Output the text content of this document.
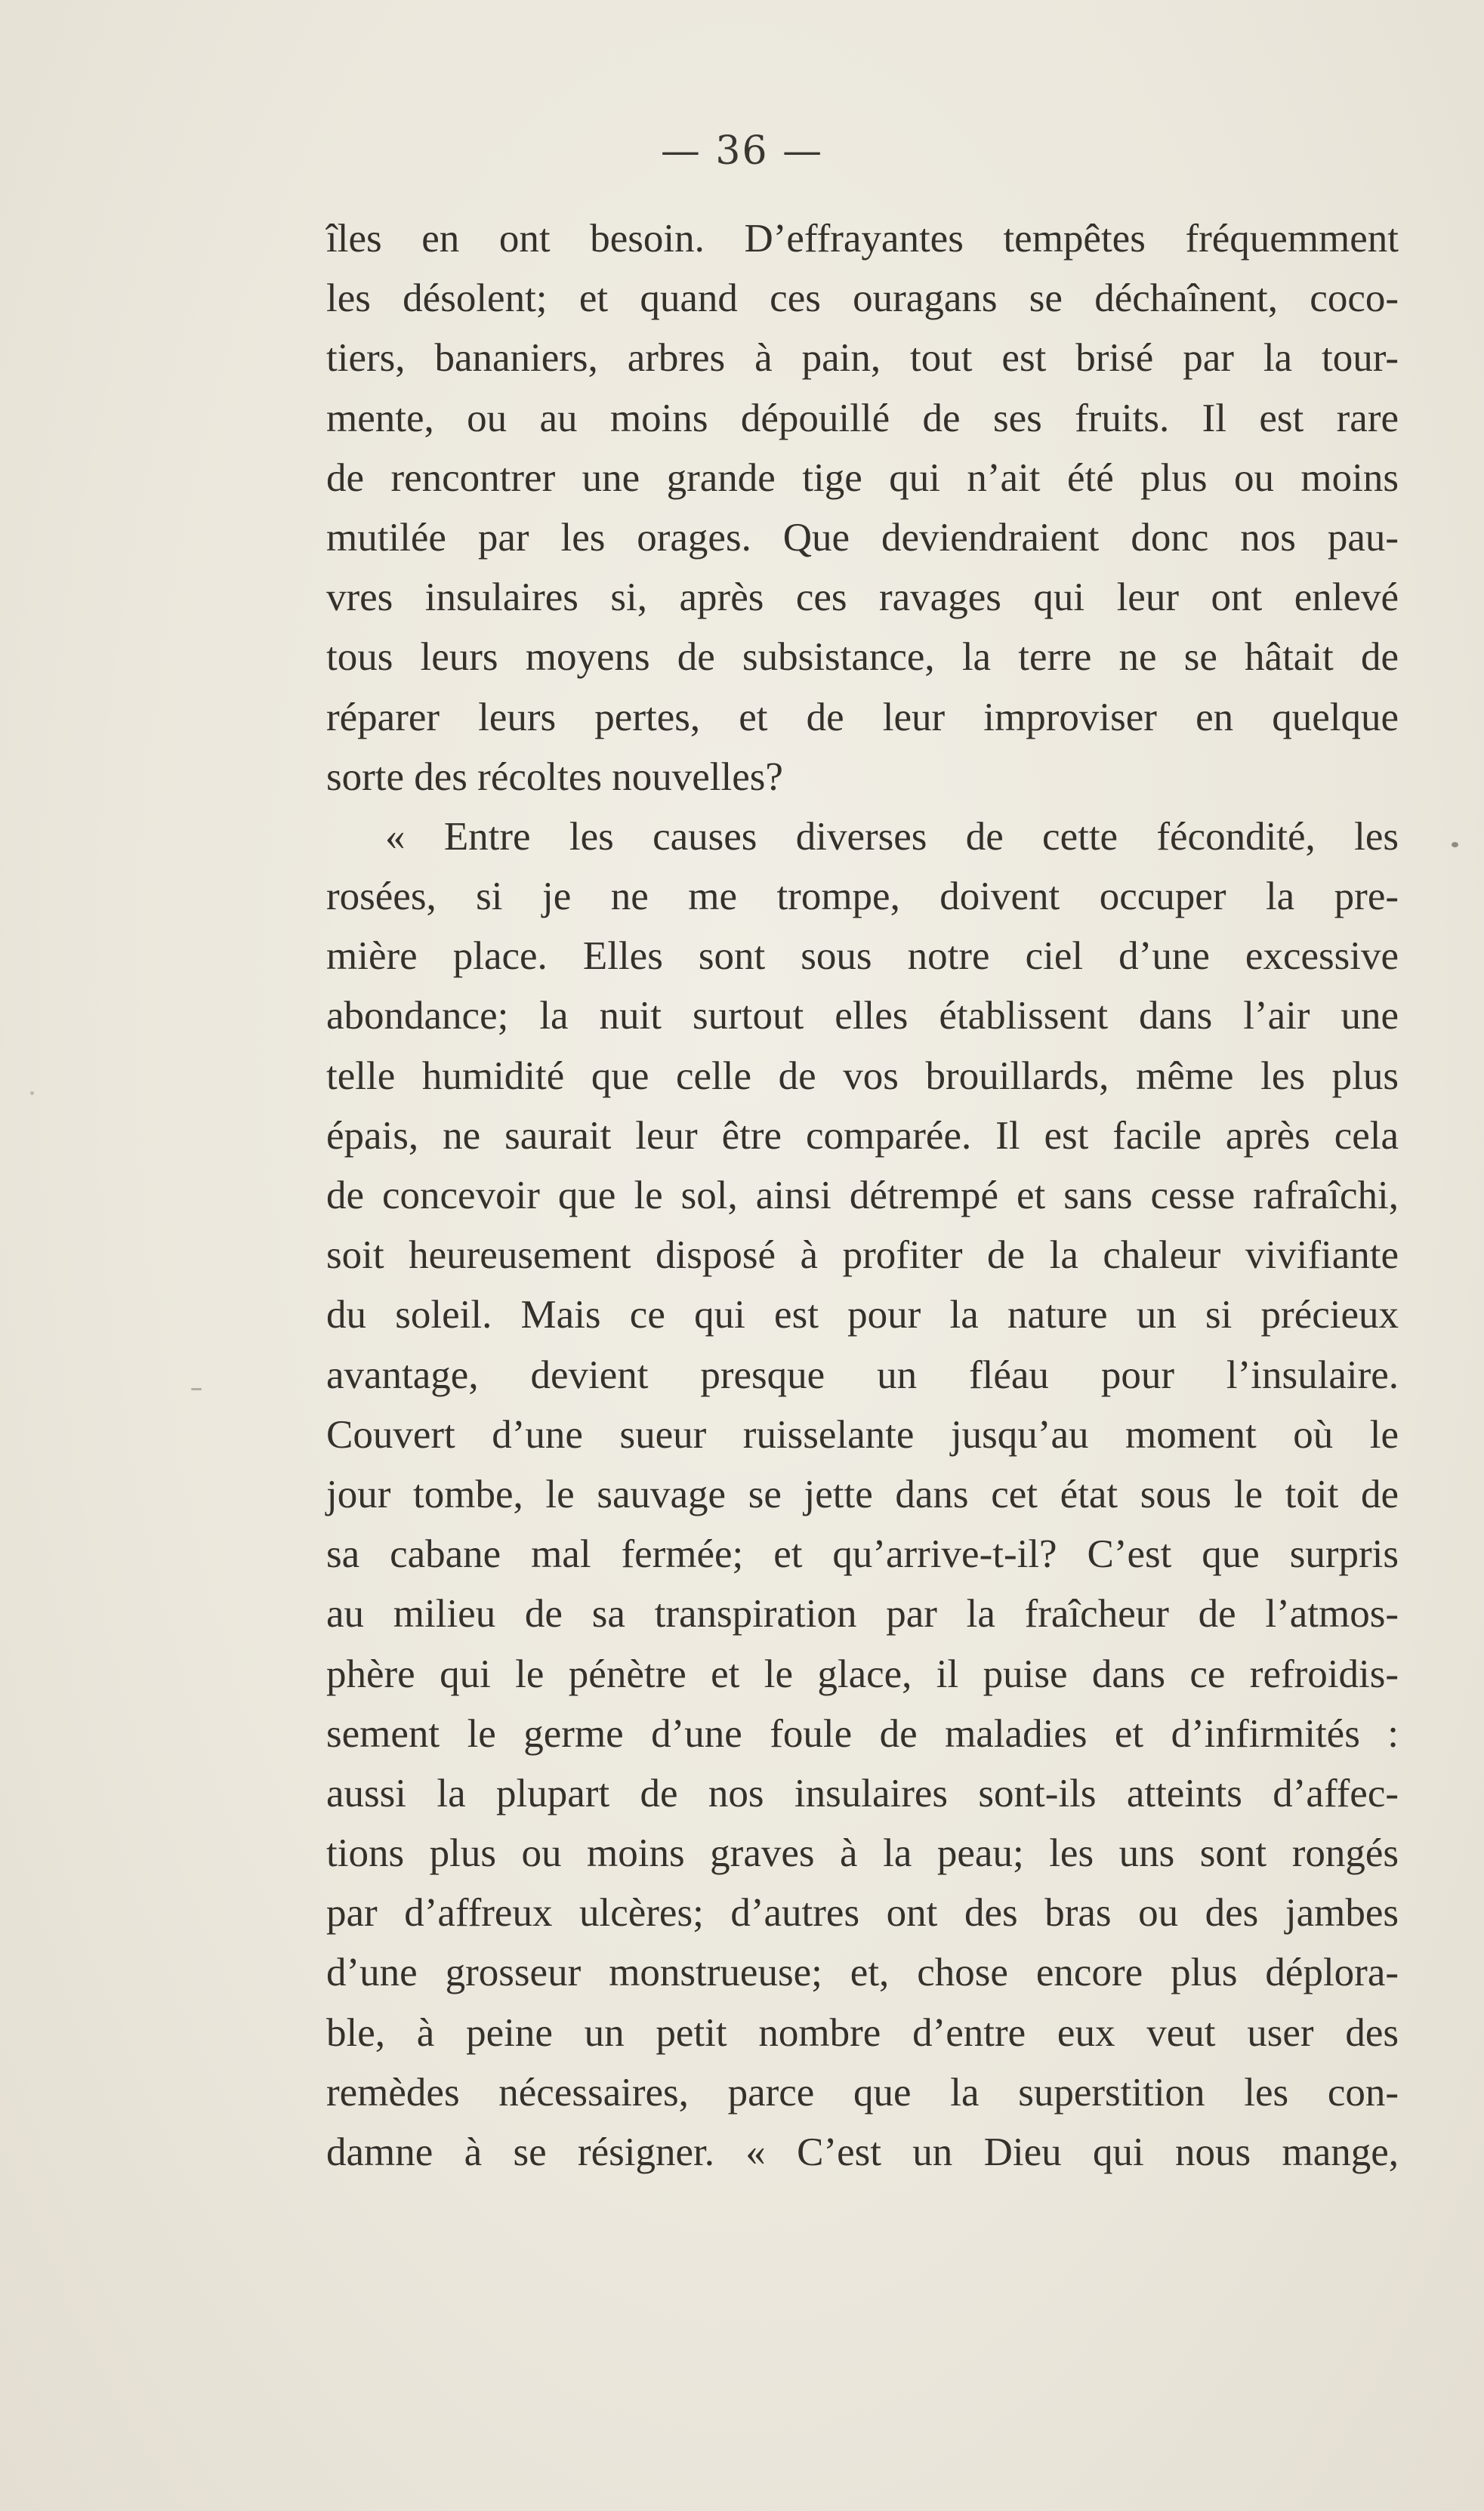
— 36 —
îles en ont besoin. D’effrayantes tempêtes fréquemment
les désolent; et quand ces ouragans se déchaînent, coco-
tiers, bananiers, arbres à pain, tout est brisé par la tour-
mente, ou au moins dépouillé de ses fruits. Il est rare
de rencontrer une grande tige qui n’ait été plus ou moins
mutilée par les orages. Que deviendraient donc nos pau-
vres insulaires si, après ces ravages qui leur ont enlevé
tous leurs moyens de subsistance, la terre ne se hâtait de
réparer leurs pertes, et de leur improviser en quelque
sorte des récoltes nouvelles?
« Entre les causes diverses de cette fécondité, les
rosées, si je ne me trompe, doivent occuper la pre-
mière place. Elles sont sous notre ciel d’une excessive
abondance; la nuit surtout elles établissent dans l’air une
telle humidité que celle de vos brouillards, même les plus
épais, ne saurait leur être comparée. Il est facile après cela
de concevoir que le sol, ainsi détrempé et sans cesse rafraîchi,
soit heureusement disposé à profiter de la chaleur vivifiante
du soleil. Mais ce qui est pour la nature un si précieux
avantage, devient presque un fléau pour l’insulaire.
Couvert d’une sueur ruisselante jusqu’au moment où le
jour tombe, le sauvage se jette dans cet état sous le toit de
sa cabane mal fermée; et qu’arrive-t-il? C’est que surpris
au milieu de sa transpiration par la fraîcheur de l’atmos-
phère qui le pénètre et le glace, il puise dans ce refroidis-
sement le germe d’une foule de maladies et d’infirmités :
aussi la plupart de nos insulaires sont-ils atteints d’affec-
tions plus ou moins graves à la peau; les uns sont rongés
par d’affreux ulcères; d’autres ont des bras ou des jambes
d’une grosseur monstrueuse; et, chose encore plus déplora-
ble, à peine un petit nombre d’entre eux veut user des
remèdes nécessaires, parce que la superstition les con-
damne à se résigner. « C’est un Dieu qui nous mange,
